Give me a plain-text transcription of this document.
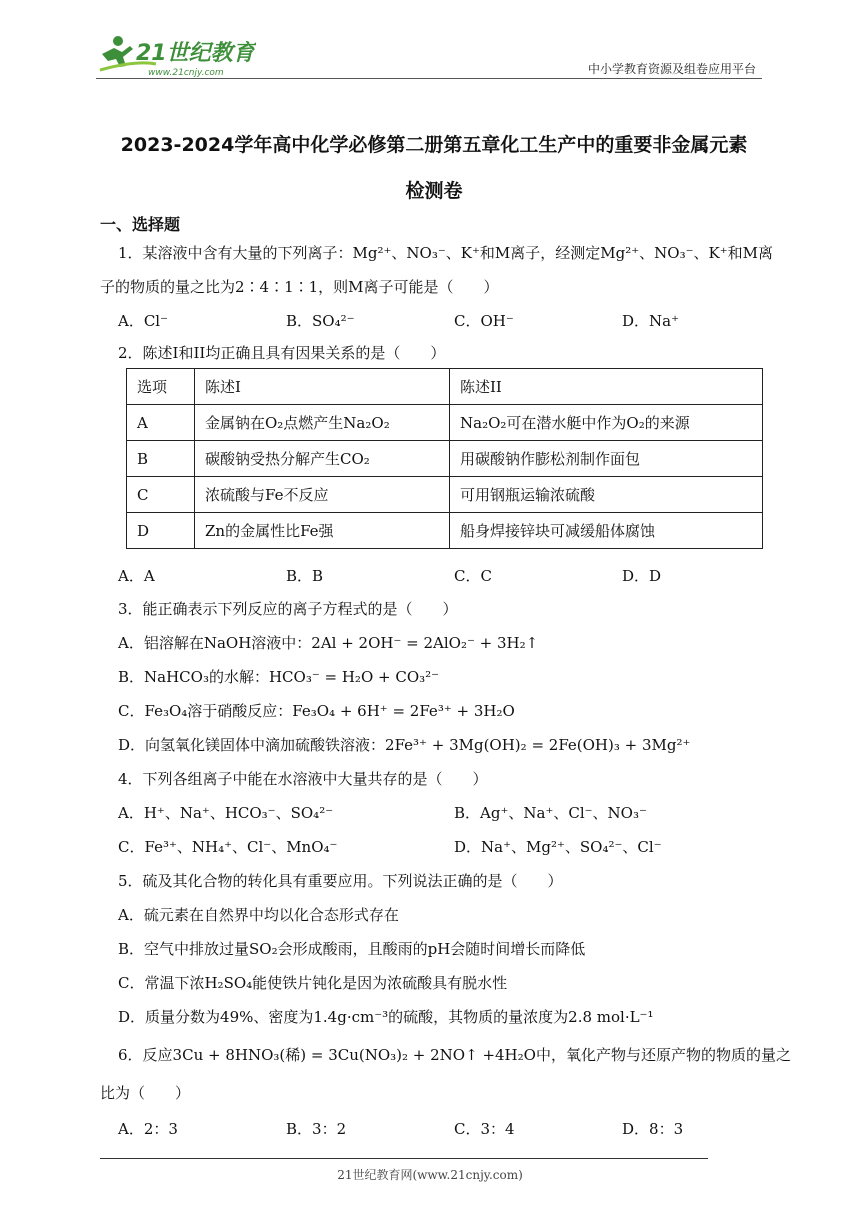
21世纪教育
www.21cnjy.com	中小学教育资源及组卷应用平台
2023-2024学年高中化学必修第二册第五章化工生产中的重要非金属元素
检测卷
一、选择题
1．某溶液中含有大量的下列离子：Mg²⁺、NO₃⁻、K⁺和M离子，经测定Mg²⁺、NO₃⁻、K⁺和M离
子的物质的量之比为2∶4∶1∶1，则M离子可能是（　　）
A．Cl⁻	B．SO₄²⁻	C．OH⁻	D．Na⁺
2．陈述I和II均正确且具有因果关系的是（　　）
选项	陈述I	陈述II
A	金属钠在O₂点燃产生Na₂O₂	Na₂O₂可在潜水艇中作为O₂的来源
B	碳酸钠受热分解产生CO₂	用碳酸钠作膨松剂制作面包
C	浓硫酸与Fe不反应	可用钢瓶运输浓硫酸
D	Zn的金属性比Fe强	船身焊接锌块可减缓船体腐蚀
A．A	B．B	C．C	D．D
3．能正确表示下列反应的离子方程式的是（　　）
A．铝溶解在NaOH溶液中：2Al + 2OH⁻ = 2AlO₂⁻ + 3H₂↑
B．NaHCO₃的水解：HCO₃⁻ = H₂O + CO₃²⁻
C．Fe₃O₄溶于硝酸反应：Fe₃O₄ + 6H⁺ = 2Fe³⁺ + 3H₂O
D．向氢氧化镁固体中滴加硫酸铁溶液：2Fe³⁺ + 3Mg(OH)₂ = 2Fe(OH)₃ + 3Mg²⁺
4．下列各组离子中能在水溶液中大量共存的是（　　）
A．H⁺、Na⁺、HCO₃⁻、SO₄²⁻	B．Ag⁺、Na⁺、Cl⁻、NO₃⁻
C．Fe³⁺、NH₄⁺、Cl⁻、MnO₄⁻	D．Na⁺、Mg²⁺、SO₄²⁻、Cl⁻
5．硫及其化合物的转化具有重要应用。下列说法正确的是（　　）
A．硫元素在自然界中均以化合态形式存在
B．空气中排放过量SO₂会形成酸雨，且酸雨的pH会随时间增长而降低
C．常温下浓H₂SO₄能使铁片钝化是因为浓硫酸具有脱水性
D．质量分数为49%、密度为1.4g·cm⁻³的硫酸，其物质的量浓度为2.8 mol·L⁻¹
6．反应3Cu + 8HNO₃(稀) = 3Cu(NO₃)₂ + 2NO↑ +4H₂O中，氧化产物与还原产物的物质的量之
比为（　　）
A．2：3	B．3：2	C．3：4	D．8：3
21世纪教育网(www.21cnjy.com)
